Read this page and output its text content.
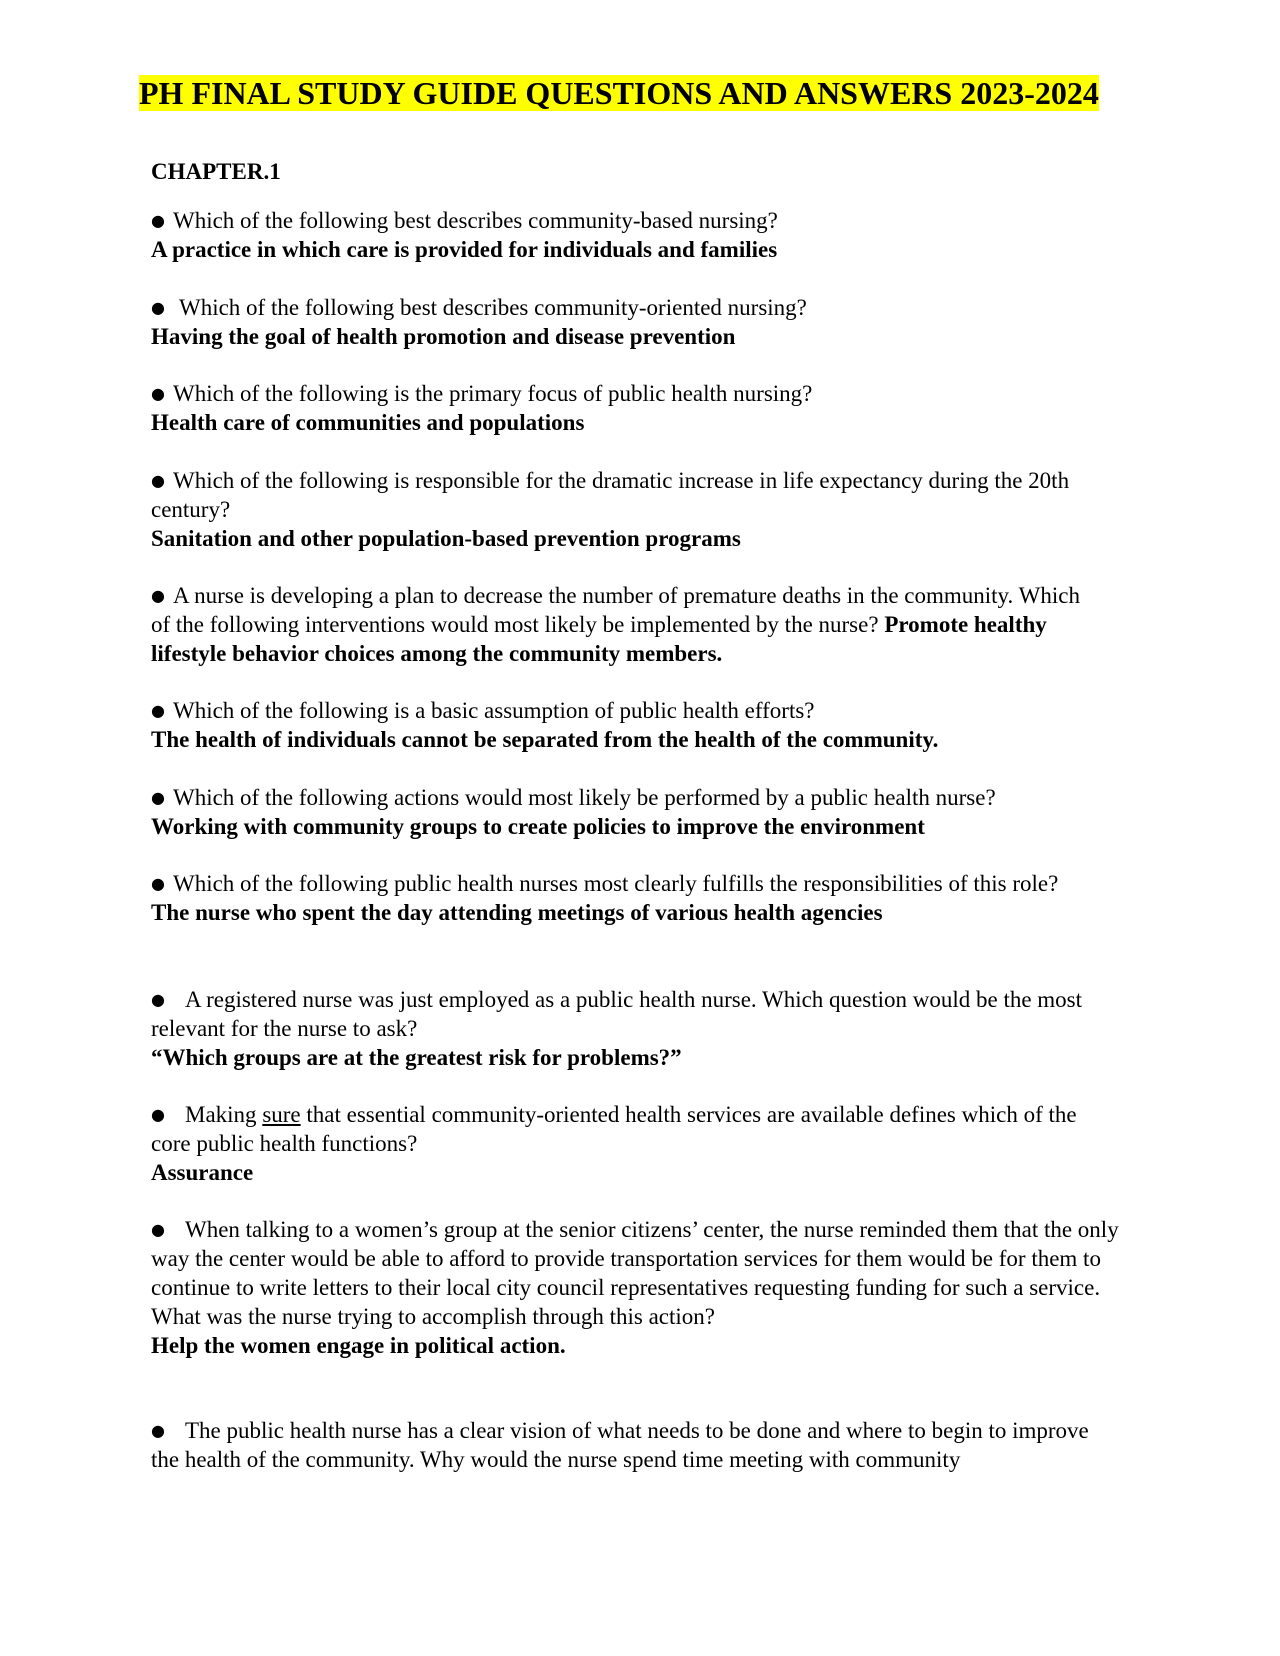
PH FINAL STUDY GUIDE QUESTIONS AND ANSWERS 2023-2024

CHAPTER.1

● Which of the following best describes community-based nursing?

A practice in which care is provided for individuals and families

● Which of the following best describes community-oriented nursing?

Having the goal of health promotion and disease prevention

● Which of the following is the primary focus of public health nursing?

Health care of communities and populations

● Which of the following is responsible for the dramatic increase in life expectancy during the 20th century?

Sanitation and other population-based prevention programs

● A nurse is developing a plan to decrease the number of premature deaths in the community. Which of the following interventions would most likely be implemented by the nurse? Promote healthy lifestyle behavior choices among the community members.

● Which of the following is a basic assumption of public health efforts?

The health of individuals cannot be separated from the health of the community.

● Which of the following actions would most likely be performed by a public health nurse?

Working with community groups to create policies to improve the environment

● Which of the following public health nurses most clearly fulfills the responsibilities of this role?

The nurse who spent the day attending meetings of various health agencies

● A registered nurse was just employed as a public health nurse. Which question would be the most relevant for the nurse to ask?

“Which groups are at the greatest risk for problems?”

● Making sure that essential community-oriented health services are available defines which of the core public health functions?

Assurance

● When talking to a women’s group at the senior citizens’ center, the nurse reminded them that the only way the center would be able to afford to provide transportation services for them would be for them to continue to write letters to their local city council representatives requesting funding for such a service. What was the nurse trying to accomplish through this action?

Help the women engage in political action.

● The public health nurse has a clear vision of what needs to be done and where to begin to improve the health of the community. Why would the nurse spend time meeting with community
